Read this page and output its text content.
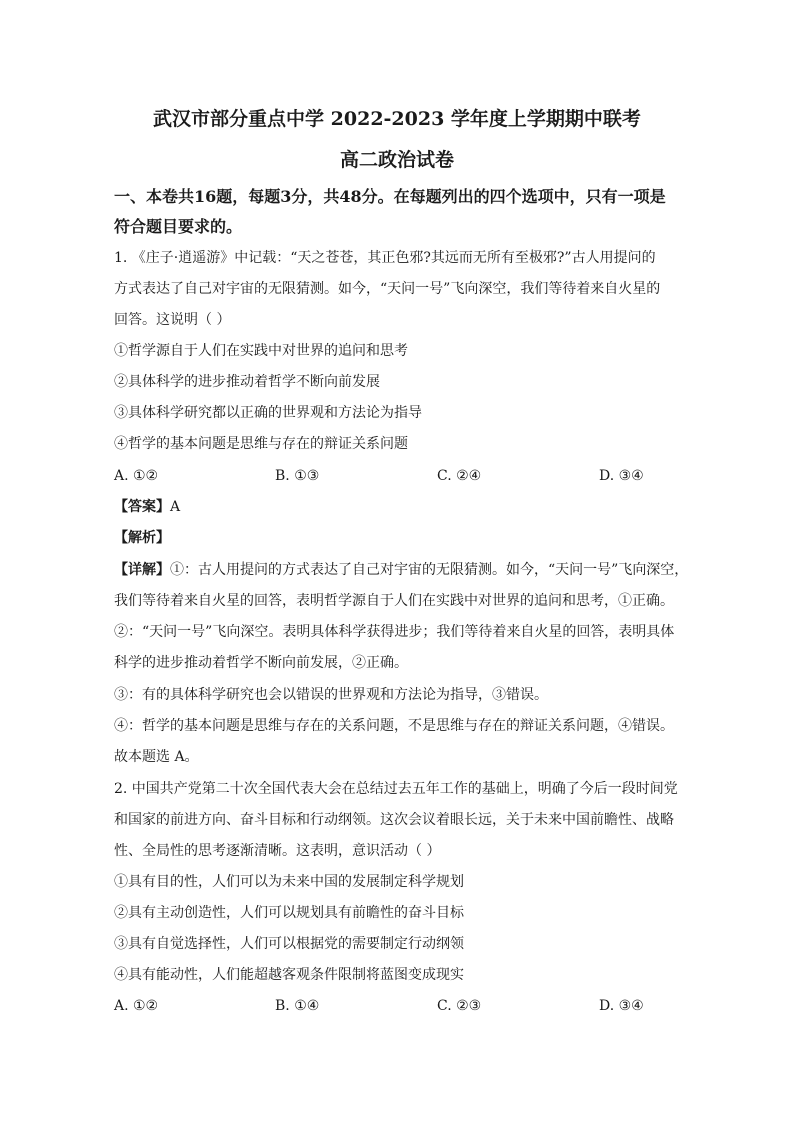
武汉市部分重点中学 2022-2023 学年度上学期期中联考
高二政治试卷
一、本卷共16题，每题3分，共48分。在每题列出的四个选项中，只有一项是
符合题目要求的。
1. 《庄子·逍遥游》中记载：“天之苍苍，其正色邪?其远而无所有至极邪?”古人用提问的
方式表达了自己对宇宙的无限猜测。如今，“天问一号”飞向深空，我们等待着来自火星的
回答。这说明（ ）
①哲学源自于人们在实践中对世界的追问和思考
②具体科学的进步推动着哲学不断向前发展
③具体科学研究都以正确的世界观和方法论为指导
④哲学的基本问题是思维与存在的辩证关系问题
A. ①②	B. ①③	C. ②④	D. ③④
【答案】A
【解析】
【详解】①：古人用提问的方式表达了自己对宇宙的无限猜测。如今，“天问一号”飞向深空，
我们等待着来自火星的回答，表明哲学源自于人们在实践中对世界的追问和思考，①正确。
②：“天问一号”飞向深空。表明具体科学获得进步；我们等待着来自火星的回答，表明具体
科学的进步推动着哲学不断向前发展，②正确。
③：有的具体科学研究也会以错误的世界观和方法论为指导，③错误。
④：哲学的基本问题是思维与存在的关系问题，不是思维与存在的辩证关系问题，④错误。
故本题选 A。
2. 中国共产党第二十次全国代表大会在总结过去五年工作的基础上，明确了今后一段时间党
和国家的前进方向、奋斗目标和行动纲领。这次会议着眼长远，关于未来中国前瞻性、战略
性、全局性的思考逐渐清晰。这表明，意识活动（ ）
①具有目的性，人们可以为未来中国的发展制定科学规划
②具有主动创造性，人们可以规划具有前瞻性的奋斗目标
③具有自觉选择性，人们可以根据党的需要制定行动纲领
④具有能动性，人们能超越客观条件限制将蓝图变成现实
A. ①②	B. ①④	C. ②③	D. ③④
